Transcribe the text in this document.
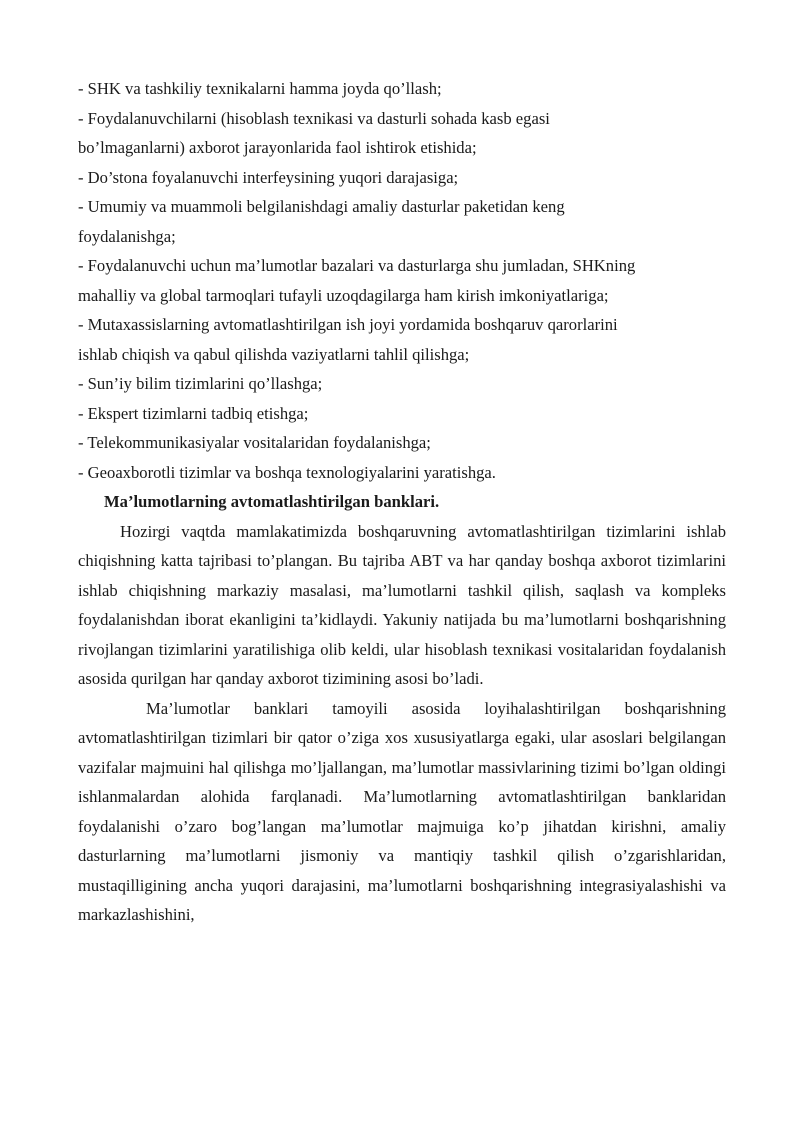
- SHK va tashkiliy texnikalarni hamma joyda qo’llash;

- Foydalanuvchilarni (hisoblash texnikasi va dasturli sohada kasb egasi

bo’lmaganlarni) axborot jarayonlarida faol ishtirok etishida;

- Do’stona foyalanuvchi interfeysining yuqori darajasiga;

- Umumiy va muammoli belgilanishdagi amaliy dasturlar paketidan keng

foydalanishga;

- Foydalanuvchi uchun ma’lumotlar bazalari va dasturlarga shu jumladan, SHKning

mahalliy va global tarmoqlari tufayli uzoqdagilarga ham kirish imkoniyatlariga;

- Mutaxassislarning avtomatlashtirilgan ish joyi yordamida boshqaruv qarorlarini

ishlab chiqish va qabul qilishda vaziyatlarni tahlil qilishga;

- Sun’iy bilim tizimlarini qo’llashga;

- Ekspert tizimlarni tadbiq etishga;

- Telekommunikasiyalar vositalaridan foydalanishga;

- Geoaxborotli tizimlar va boshqa texnologiyalarini yaratishga.

Ma’lumotlarning avtomatlashtirilgan banklari.

Hozirgi vaqtda mamlakatimizda boshqaruvning avtomatlashtirilgan tizimlarini ishlab chiqishning katta tajribasi to’plangan. Bu tajriba ABT va har qanday boshqa axborot tizimlarini ishlab chiqishning markaziy masalasi, ma’lumotlarni tashkil qilish, saqlash va kompleks foydalanishdan iborat ekanligini ta’kidlaydi. Yakuniy natijada bu ma’lumotlarni boshqarishning rivojlangan tizimlarini yaratilishiga olib keldi, ular hisoblash texnikasi vositalaridan foydalanish asosida qurilgan har qanday axborot tizimining asosi bo’ladi.

Ma’lumotlar banklari tamoyili asosida loyihalashtirilgan boshqarishning avtomatlashtirilgan tizimlari bir qator o’ziga xos xususiyatlarga egaki, ular asoslari belgilangan vazifalar majmuini hal qilishga mo’ljallangan, ma’lumotlar massivlarining tizimi bo’lgan oldingi ishlanmalardan alohida farqlanadi. Ma’lumotlarning avtomatlashtirilgan banklaridan foydalanishi o’zaro bog’langan ma’lumotlar majmuiga ko’p jihatdan kirishni, amaliy dasturlarning ma’lumotlarni jismoniy va mantiqiy tashkil qilish o’zgarishlaridan, mustaqilligining ancha yuqori darajasini, ma’lumotlarni boshqarishning integrasiyalashishi va markazlashishini,
